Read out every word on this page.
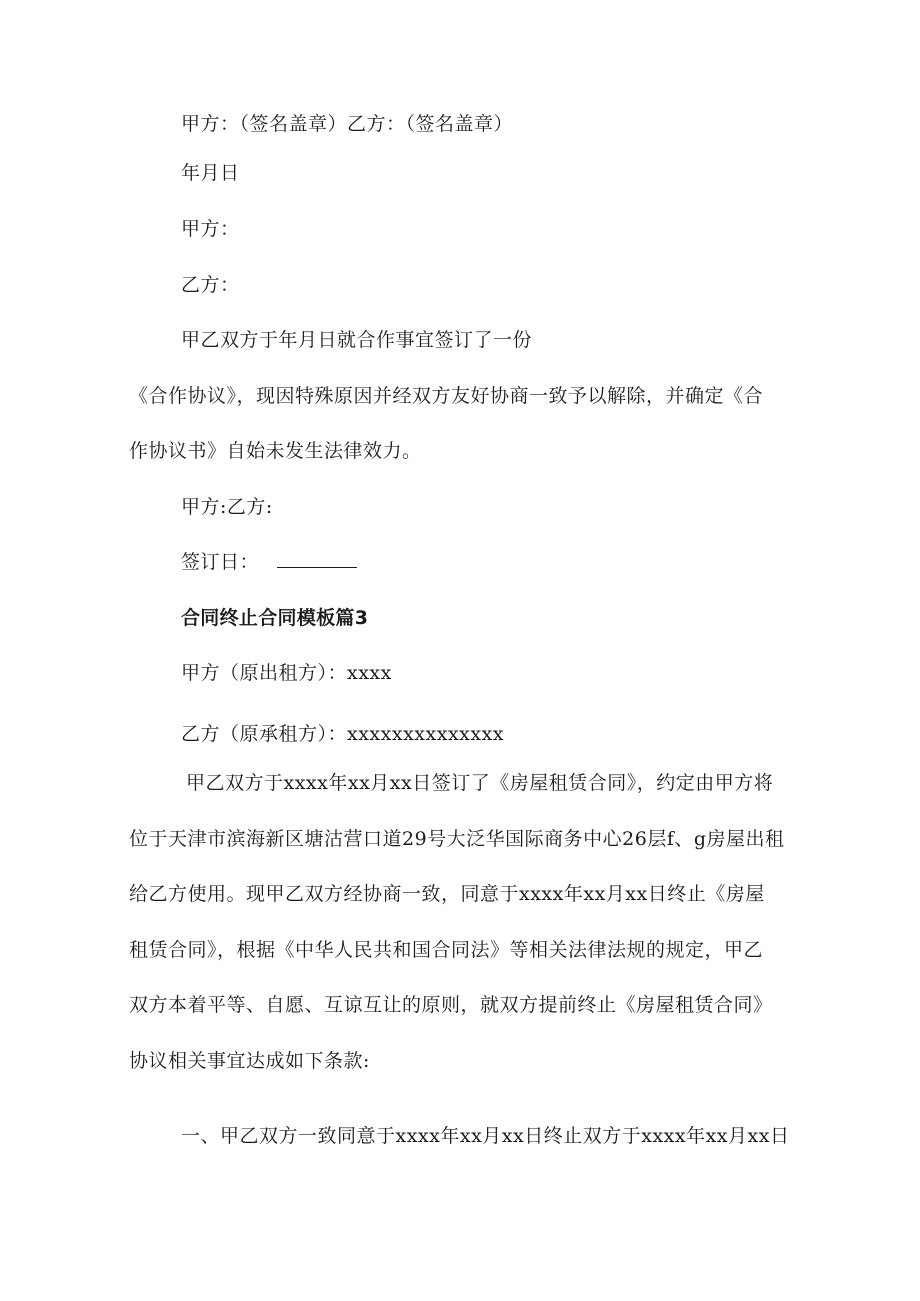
甲方：（签名盖章）乙方：（签名盖章）
年月日
甲方：
乙方：
甲乙双方于年月日就合作事宜签订了一份
《合作协议》，现因特殊原因并经双方友好协商一致予以解除，并确定《合
作协议书》自始未发生法律效力。
甲方:乙方:
签订日：
合同终止合同模板篇3
甲方（原出租方）：xxxx
乙方（原承租方）：xxxxxxxxxxxxxx
甲乙双方于xxxx年xx月xx日签订了《房屋租赁合同》，约定由甲方将
位于天津市滨海新区塘沽营口道29号大泛华国际商务中心26层f、g房屋出租
给乙方使用。现甲乙双方经协商一致，同意于xxxx年xx月xx日终止《房屋
租赁合同》，根据《中华人民共和国合同法》等相关法律法规的规定，甲乙
双方本着平等、自愿、互谅互让的原则，就双方提前终止《房屋租赁合同》
协议相关事宜达成如下条款:
一、甲乙双方一致同意于xxxx年xx月xx日终止双方于xxxx年xx月xx日
